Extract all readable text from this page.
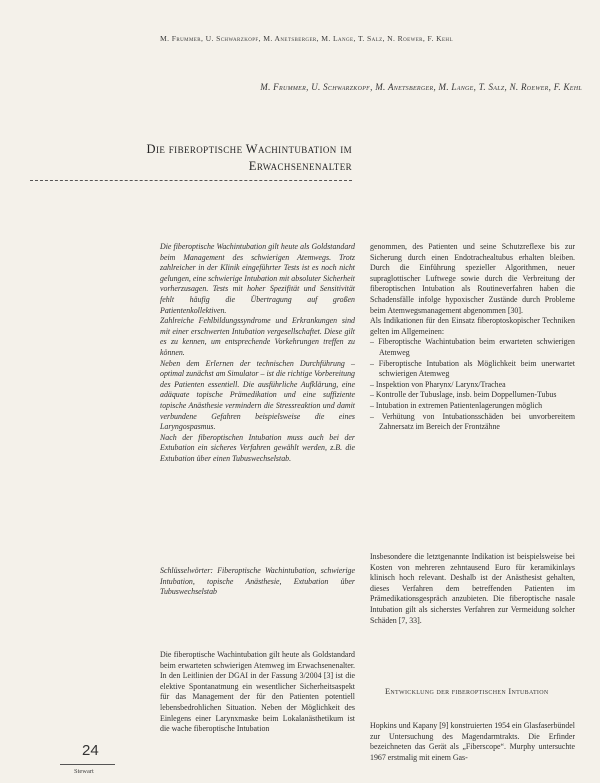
M. Frummer, U. Schwarzkopf, M. Anetsberger, M. Lange, T. Salz, N. Roewer, F. Kehl
M. Frummer, U. Schwarzkopf, M. Anetsberger, M. Lange, T. Salz, N. Roewer, F. Kehl
Die fiberoptische Wachintubation im
Erwachsenenalter

Die fiberoptische Wachintubation gilt heute als Goldstandard beim Management des schwierigen Atemwegs. Trotz zahlreicher in der Klinik eingeführter Tests ist es noch nicht gelungen, eine schwierige Intubation mit absoluter Sicherheit vorherzusagen. Tests mit hoher Spezifität und Sensitivität fehlt häufig die Übertragung auf großen Patientenkollektiven.

Zahlreiche Fehlbildungssyndrome und Erkrankungen sind mit einer erschwerten Intubation vergesellschaftet. Diese gilt es zu kennen, um entsprechende Vorkehrungen treffen zu können.

Neben dem Erlernen der technischen Durchführung – optimal zunächst am Simulator – ist die richtige Vorbereitung des Patienten essentiell. Die ausführliche Aufklärung, eine adäquate topische Prämedikation und eine suffiziente topische Anästhesie vermindern die Stressreaktion und damit verbundene Gefahren beispielsweise die eines Laryngospasmus.

Nach der fiberoptischen Intubation muss auch bei der Extubation ein sicheres Verfahren gewählt werden, z.B. die Extubation über einen Tubuswechselstab.

Schlüsselwörter: Fiberoptische Wachintubation, schwierige Intubation, topische Anästhesie, Extubation über Tubuswechselstab
Die fiberoptische Wachintubation gilt heute als Goldstandard beim erwarteten schwierigen Atemweg im Erwachsenenalter. In den Leitlinien der DGAI in der Fassung 3/2004 [3] ist die elektive Spontanatmung ein wesentlicher Sicherheitsaspekt für das Management der für den Patienten potentiell lebensbedrohlichen Situation. Neben der Möglichkeit des Einlegens einer Larynxmaske beim Lokalanästhetikum ist die wache fiberoptische Intubation

genommen, des Patienten und seine Schutzreflexe bis zur Sicherung durch einen Endotrachealtubus erhalten bleiben. Durch die Einführung spezieller Algorithmen, neuer supraglottischer Luftwege sowie durch die Verbreitung der fiberoptischen Intubation als Routineverfahren haben die Schadensfälle infolge hypoxischer Zustände durch Probleme beim Atemwegsmanagement abgenommen [30].

Als Indikationen für den Einsatz fiberoptoskopischer Techniken gelten im Allgemeinen:

– Fiberoptische Wachintubation beim erwarteten schwierigen Atemweg
– Fiberoptische Intubation als Möglichkeit beim unerwartet schwierigen Atemweg
– Inspektion von Pharynx/ Larynx/Trachea
– Kontrolle der Tubuslage, insb. beim Doppellumen-Tubus
– Intubation in extremen Patientenlagerungen möglich
– Verhütung von Intubationsschäden bei unvorbereitem Zahnersatz im Bereich der Frontzähne
Insbesondere die letztgenannte Indikation ist beispielsweise bei Kosten von mehreren zehntausend Euro für keramikinlays klinisch hoch relevant. Deshalb ist der Anästhesist gehalten, dieses Verfahren dem betreffenden Patienten im Prämedikationsgespräch anzubieten. Die fiberoptische nasale Intubation gilt als sicherstes Verfahren zur Vermeidung solcher Schäden [7, 33].
Entwicklung der fiberoptischen Intubation
Hopkins und Kapany [9] konstruierten 1954 ein Glasfaserbündel zur Untersuchung des Magendarmtrakts. Die Erfinder bezeichneten das Gerät als „Fiberscope“. Murphy untersuchte 1967 erstmalig mit einem Gas-
24
Stewart
